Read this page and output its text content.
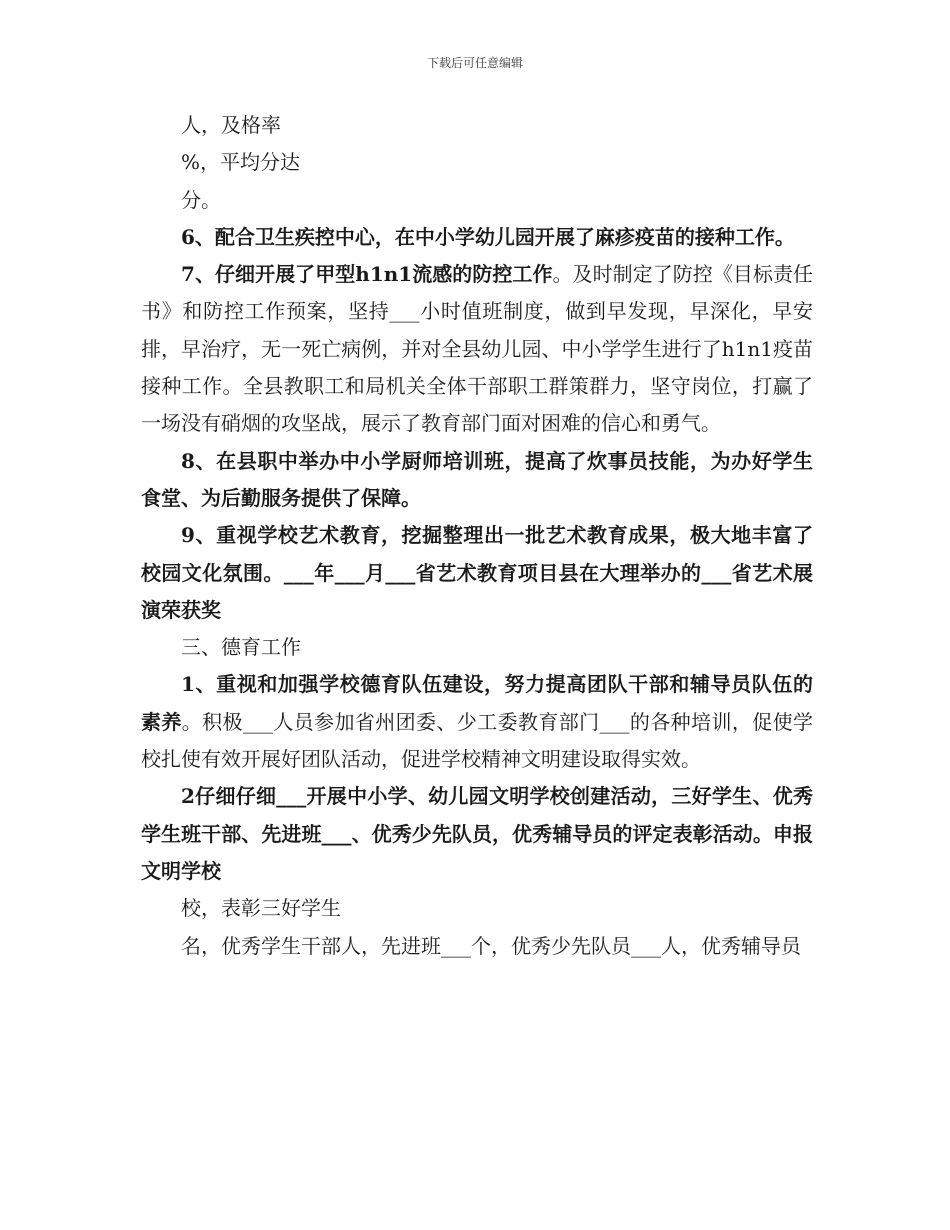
下载后可任意编辑

人，及格率

%，平均分达

分。

6、配合卫生疾控中心，在中小学幼儿园开展了麻疹疫苗的接种工作。

7、仔细开展了甲型h1n1流感的防控工作。及时制定了防控《目标责任书》和防控工作预案，坚持___小时值班制度，做到早发现，早深化，早安排，早治疗，无一死亡病例，并对全县幼儿园、中小学学生进行了h1n1疫苗接种工作。全县教职工和局机关全体干部职工群策群力，坚守岗位，打赢了一场没有硝烟的攻坚战，展示了教育部门面对困难的信心和勇气。

8、在县职中举办中小学厨师培训班，提高了炊事员技能，为办好学生食堂、为后勤服务提供了保障。

9、重视学校艺术教育，挖掘整理出一批艺术教育成果，极大地丰富了校园文化氛围。___年___月___省艺术教育项目县在大理举办的___省艺术展演荣获奖

三、德育工作

1、重视和加强学校德育队伍建设，努力提高团队干部和辅导员队伍的素养。积极___人员参加省州团委、少工委教育部门___的各种培训，促使学校扎使有效开展好团队活动，促进学校精神文明建设取得实效。

2仔细仔细___开展中小学、幼儿园文明学校创建活动，三好学生、优秀学生班干部、先进班___、优秀少先队员，优秀辅导员的评定表彰活动。申报文明学校

校，表彰三好学生

名，优秀学生干部人，先进班___个，优秀少先队员___人，优秀辅导员
